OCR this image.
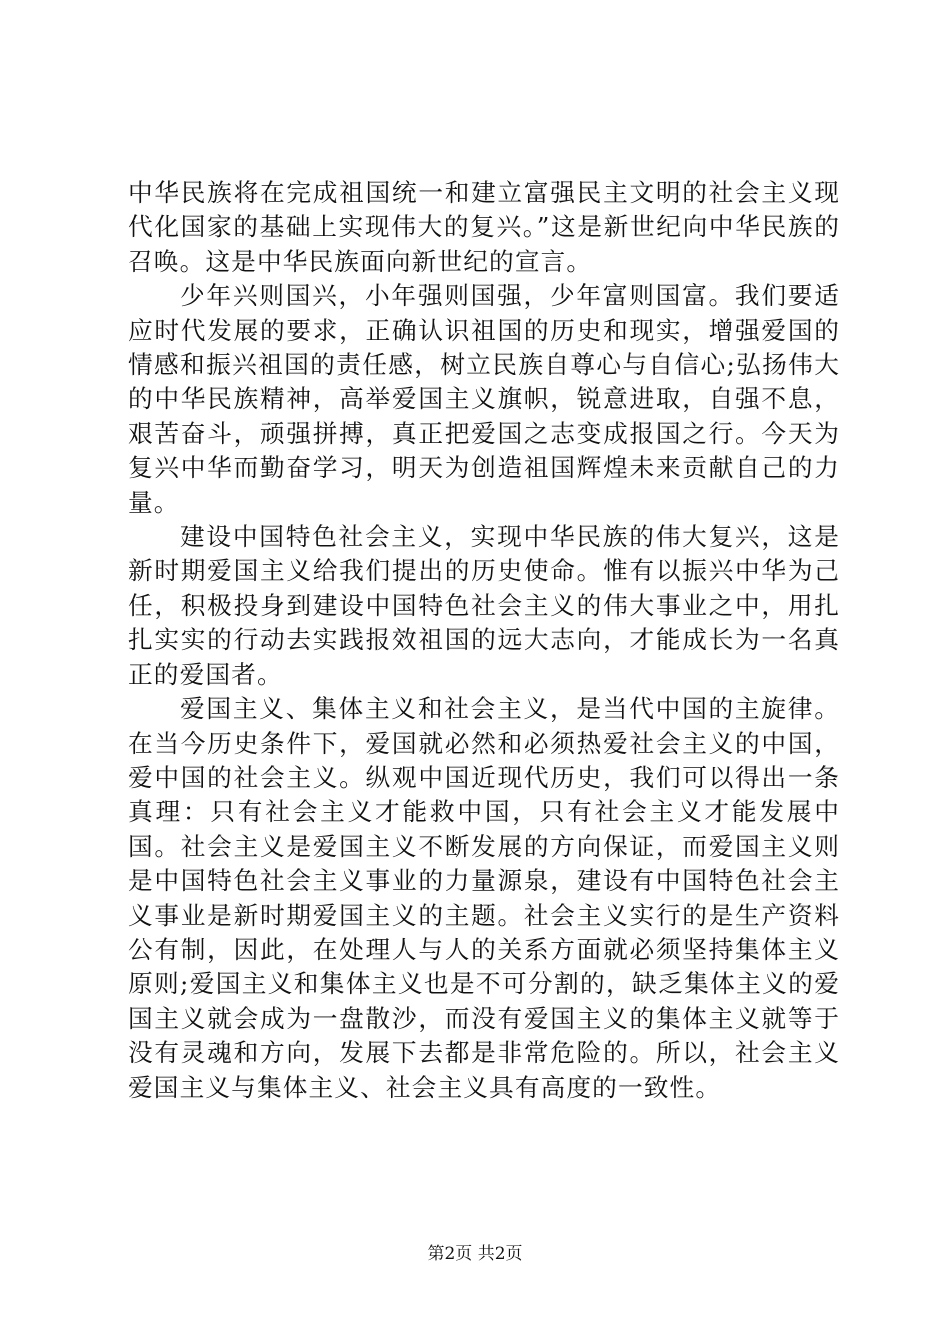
中华民族将在完成祖国统一和建立富强民主文明的社会主义现代化国家的基础上实现伟大的复兴。”这是新世纪向中华民族的召唤。这是中华民族面向新世纪的宣言。

少年兴则国兴，小年强则国强，少年富则国富。我们要适应时代发展的要求，正确认识祖国的历史和现实，增强爱国的情感和振兴祖国的责任感，树立民族自尊心与自信心;弘扬伟大的中华民族精神，高举爱国主义旗帜，锐意进取，自强不息，艰苦奋斗，顽强拼搏，真正把爱国之志变成报国之行。今天为复兴中华而勤奋学习，明天为创造祖国辉煌未来贡献自己的力量。

建设中国特色社会主义，实现中华民族的伟大复兴，这是新时期爱国主义给我们提出的历史使命。惟有以振兴中华为己任，积极投身到建设中国特色社会主义的伟大事业之中，用扎扎实实的行动去实践报效祖国的远大志向，才能成长为一名真正的爱国者。

爱国主义、集体主义和社会主义，是当代中国的主旋律。在当今历史条件下，爱国就必然和必须热爱社会主义的中国，爱中国的社会主义。纵观中国近现代历史，我们可以得出一条真理：只有社会主义才能救中国，只有社会主义才能发展中国。社会主义是爱国主义不断发展的方向保证，而爱国主义则是中国特色社会主义事业的力量源泉，建设有中国特色社会主义事业是新时期爱国主义的主题。社会主义实行的是生产资料公有制，因此，在处理人与人的关系方面就必须坚持集体主义原则;爱国主义和集体主义也是不可分割的，缺乏集体主义的爱国主义就会成为一盘散沙，而没有爱国主义的集体主义就等于没有灵魂和方向，发展下去都是非常危险的。所以，社会主义爱国主义与集体主义、社会主义具有高度的一致性。

第2页 共2页
